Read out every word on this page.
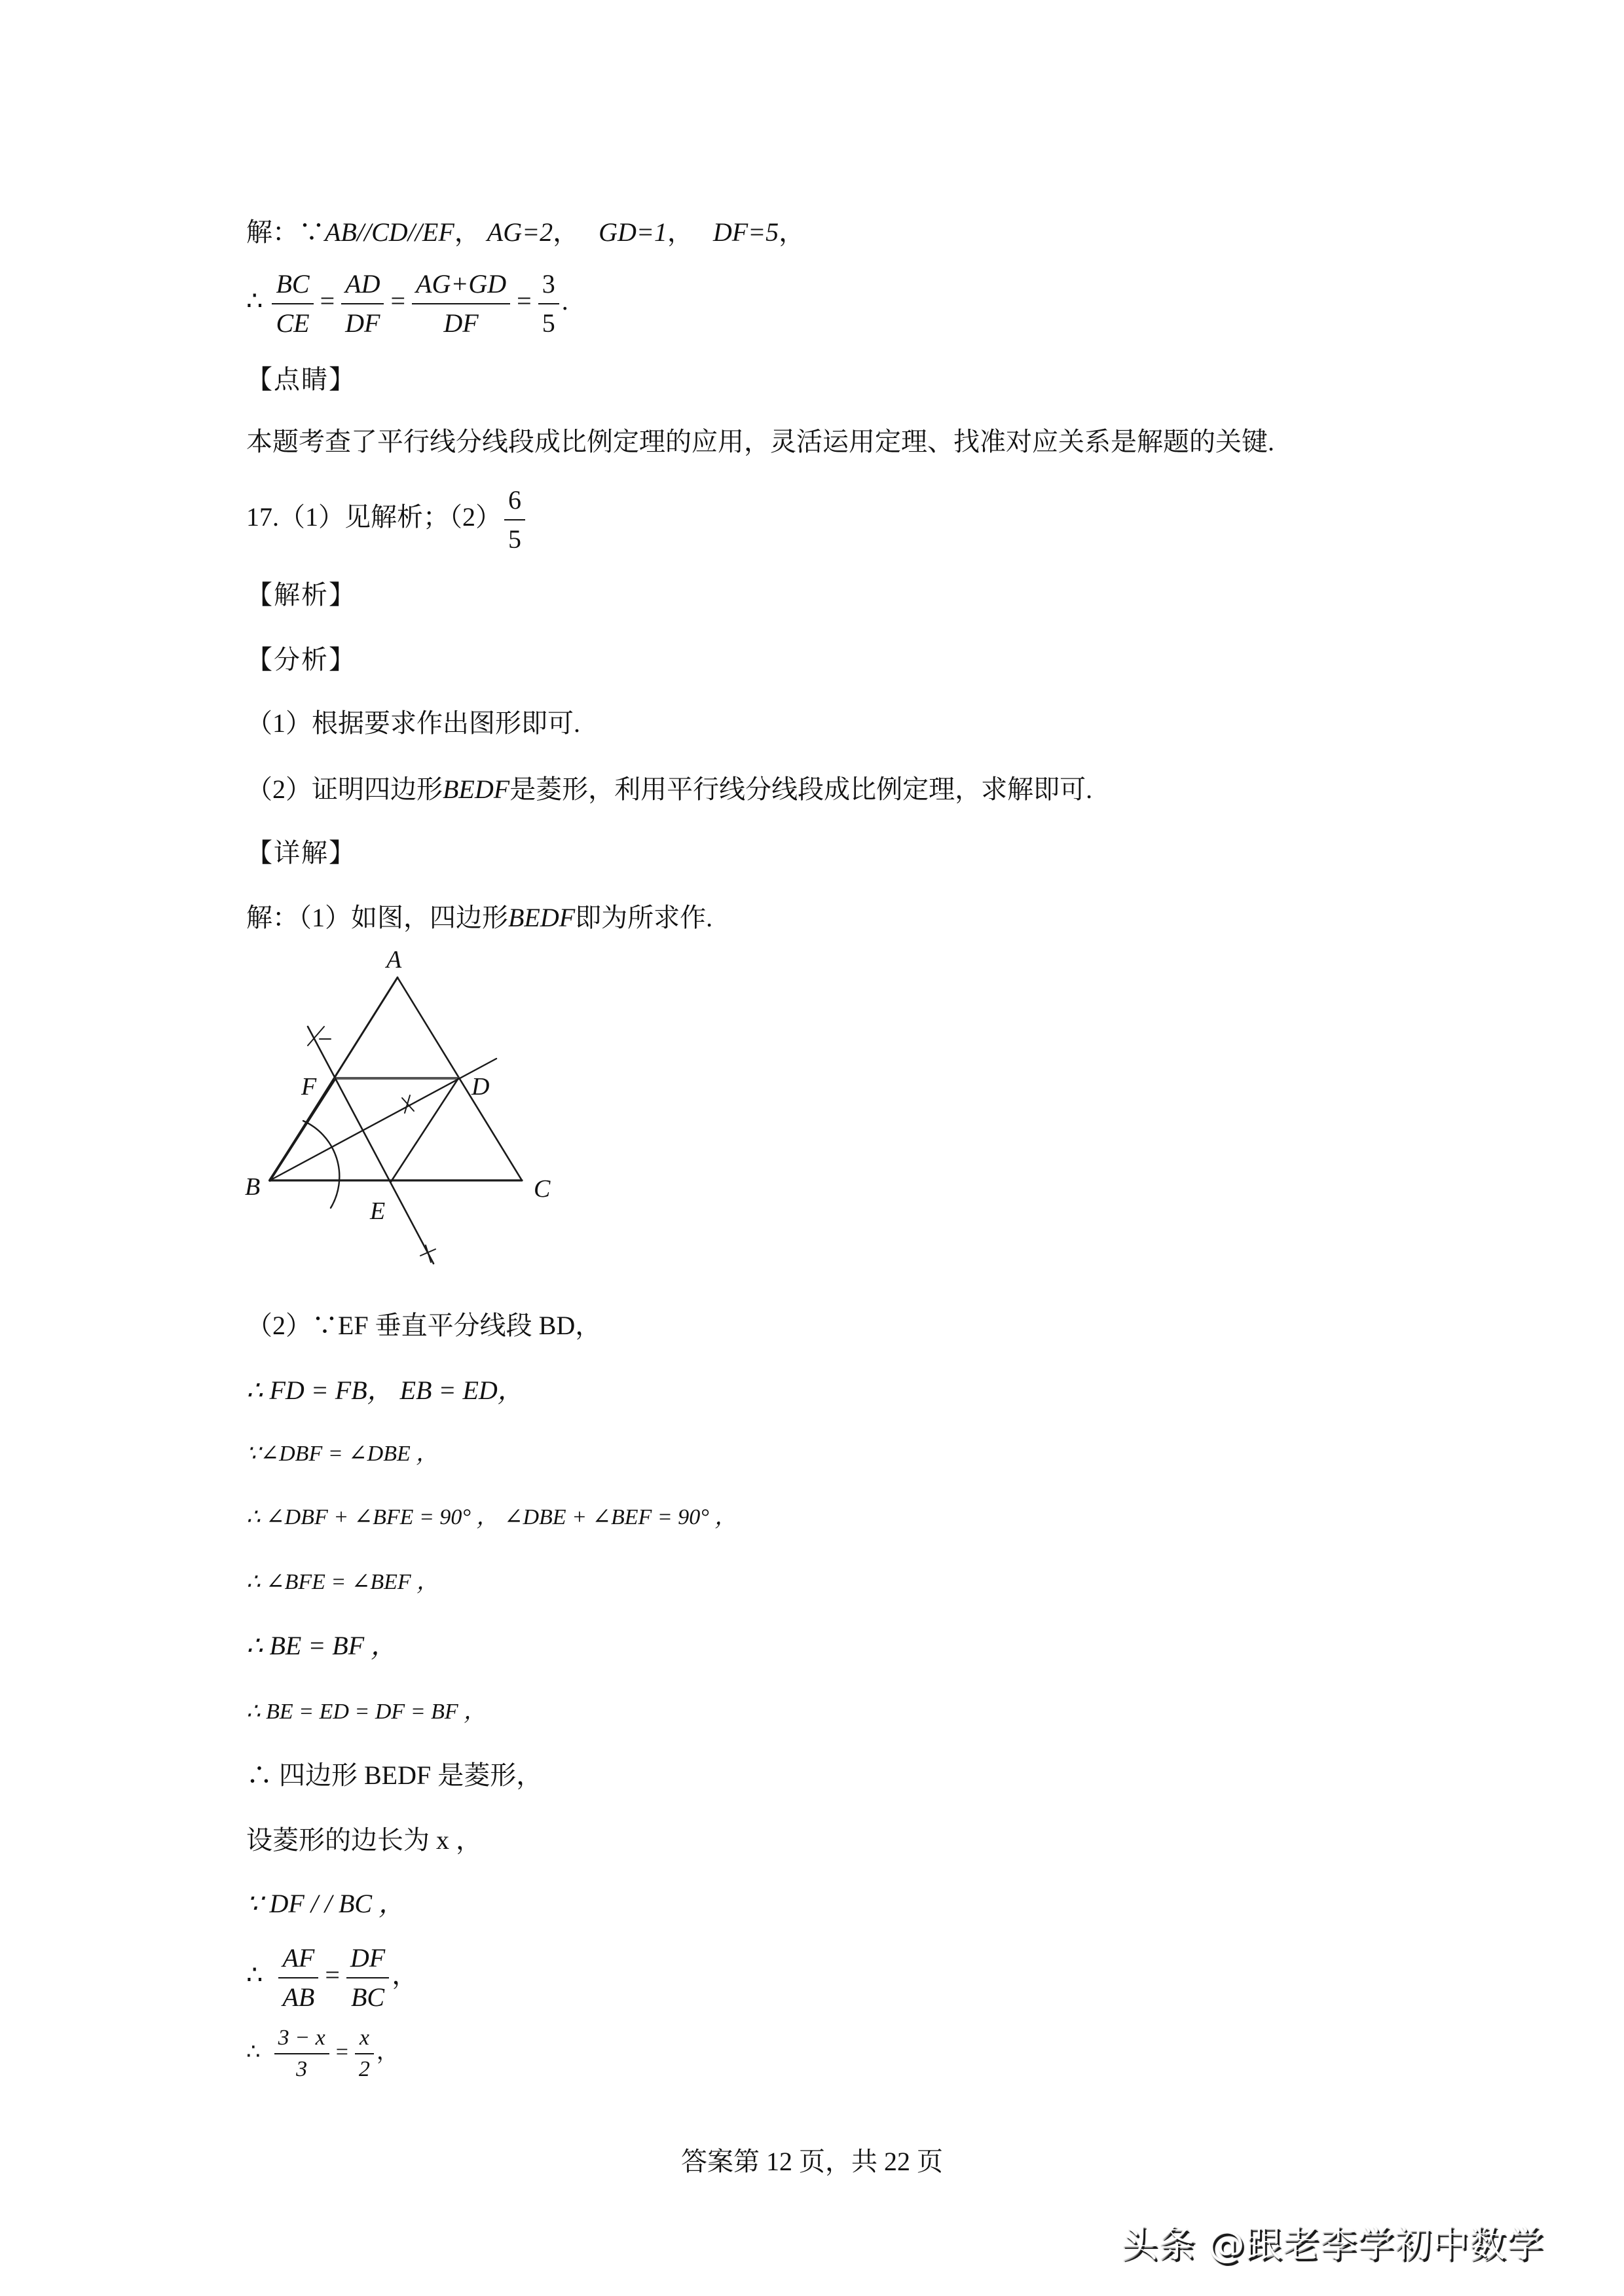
解：∵AB//CD//EF， AG=2， GD=1， DF=5，
∴ $\frac{BC}{CE} = \frac{AD}{DF} = \frac{AG+GD}{DF} = \frac{3}{5}$ .
【点睛】
本题考查了平行线分线段成比例定理的应用，灵活运用定理、找准对应关系是解题的关键.
17.（1）见解析；$(2) \frac{6}{5}$
【解析】
【分析】
（1）根据要求作出图形即可.
（2）证明四边形BEDF是菱形，利用平行线分线段成比例定理，求解即可.
【详解】
解：（1）如图，四边形BEDF即为所求作.
A
F	D
B	C
E
（2）∵EF 垂直平分线段 BD，
∴ FD = FB， EB = ED，
∵∠DBF = ∠DBE ，
∴ ∠DBF + ∠BFE = 90° ， ∠DBE + ∠BEF = 90° ，
∴ ∠BFE = ∠BEF ，
∴ BE = BF ，
∴ BE = ED = DF = BF ，
∴ 四边形 BEDF 是菱形，
设菱形的边长为 x ，
∵ DF / / BC ，
∴ $\frac{AF}{AB} = \frac{DF}{BC}$ ，
∴ $\frac{3 - x}{3} = \frac{x}{2}$ ，
答案第 12 页，共 22 页
头条 @跟老李学初中数学
